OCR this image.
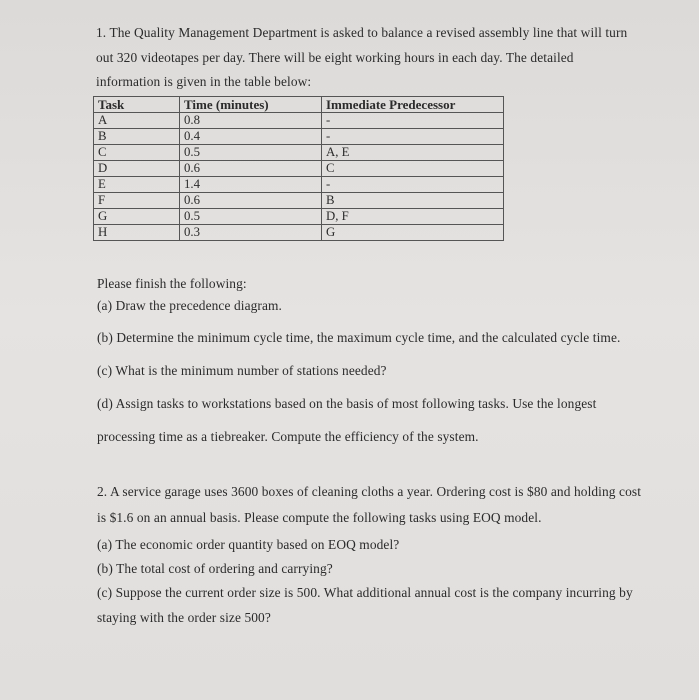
1. The Quality Management Department is asked to balance a revised assembly line that will turn
out 320 videotapes per day. There will be eight working hours in each day. The detailed
information is given in the table below:
Task	Time (minutes)	Immediate Predecessor
A	0.8	-
B	0.4	-
C	0.5	A, E
D	0.6	C
E	1.4	-
F	0.6	B
G	0.5	D, F
H	0.3	G
Please finish the following:
(a) Draw the precedence diagram.
(b) Determine the minimum cycle time, the maximum cycle time, and the calculated cycle time.
(c) What is the minimum number of stations needed?
(d) Assign tasks to workstations based on the basis of most following tasks. Use the longest
processing time as a tiebreaker. Compute the efficiency of the system.
2. A service garage uses 3600 boxes of cleaning cloths a year. Ordering cost is $80 and holding cost
is $1.6 on an annual basis. Please compute the following tasks using EOQ model.
(a) The economic order quantity based on EOQ model?
(b) The total cost of ordering and carrying?
(c) Suppose the current order size is 500. What additional annual cost is the company incurring by
staying with the order size 500?
